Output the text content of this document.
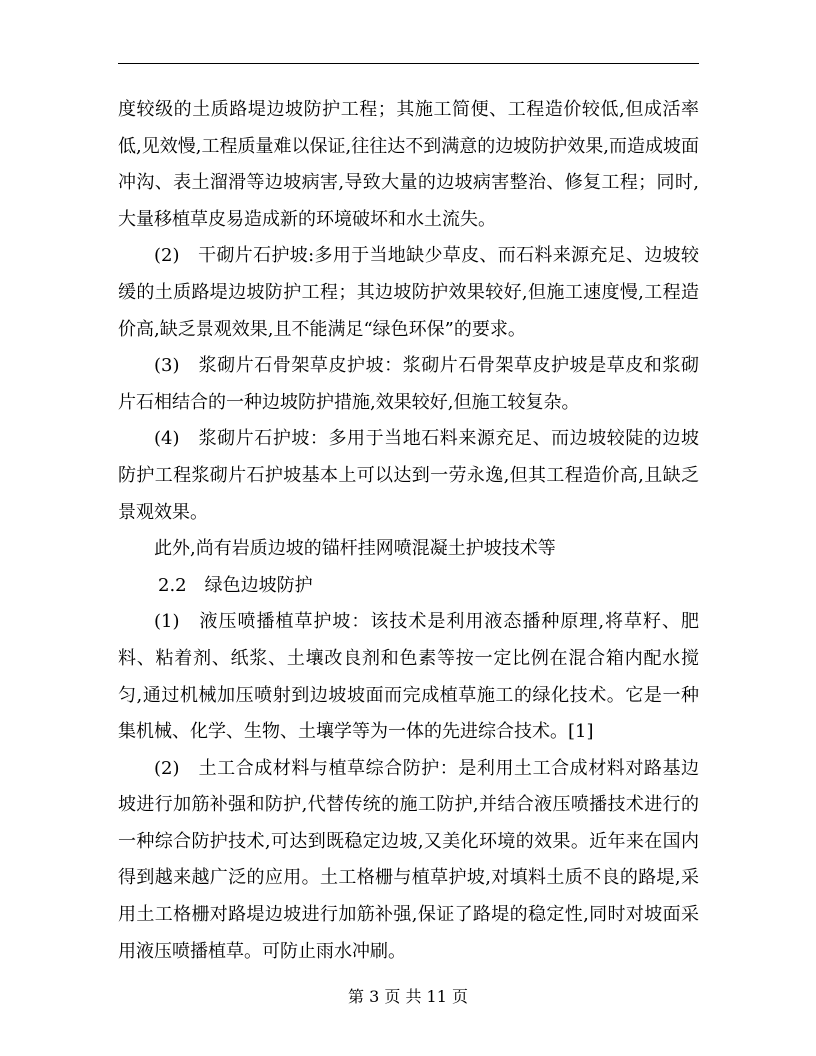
度较级的土质路堤边坡防护工程；其施工简便、工程造价较低,但成活率低,见效慢,工程质量难以保证,往往达不到满意的边坡防护效果,而造成坡面冲沟、表土溜滑等边坡病害,导致大量的边坡病害整治、修复工程；同时,大量移植草皮易造成新的环境破坏和水土流失。

(2)　干砌片石护坡:多用于当地缺少草皮、而石料来源充足、边坡较缓的土质路堤边坡防护工程；其边坡防护效果较好,但施工速度慢,工程造价高,缺乏景观效果,且不能满足“绿色环保”的要求。

(3)　浆砌片石骨架草皮护坡：浆砌片石骨架草皮护坡是草皮和浆砌片石相结合的一种边坡防护措施,效果较好,但施工较复杂。

(4)　浆砌片石护坡：多用于当地石料来源充足、而边坡较陡的边坡防护工程浆砌片石护坡基本上可以达到一劳永逸,但其工程造价高,且缺乏景观效果。

此外,尚有岩质边坡的锚杆挂网喷混凝土护坡技术等

2.2　绿色边坡防护

(1)　液压喷播植草护坡：该技术是利用液态播种原理,将草籽、肥料、粘着剂、纸浆、土壤改良剂和色素等按一定比例在混合箱内配水搅匀,通过机械加压喷射到边坡坡面而完成植草施工的绿化技术。它是一种集机械、化学、生物、土壤学等为一体的先进综合技术。[1]

(2)　土工合成材料与植草综合防护：是利用土工合成材料对路基边坡进行加筋补强和防护,代替传统的施工防护,并结合液压喷播技术进行的一种综合防护技术,可达到既稳定边坡,又美化环境的效果。近年来在国内得到越来越广泛的应用。土工格栅与植草护坡,对填料土质不良的路堤,采用土工格栅对路堤边坡进行加筋补强,保证了路堤的稳定性,同时对坡面采用液压喷播植草。可防止雨水冲刷。

第 3 页 共 11 页
